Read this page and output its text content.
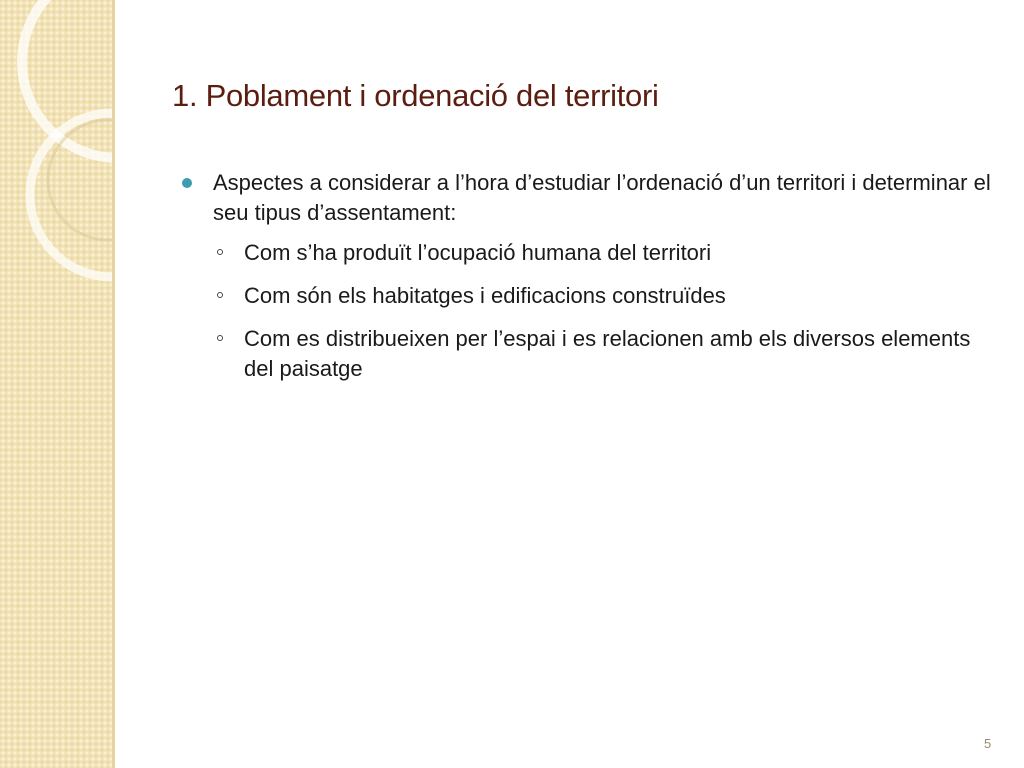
1. Poblament i ordenació del territori
Aspectes a considerar a l’hora d’estudiar l’ordenació d’un territori i determinar el seu tipus d’assentament:
Com s’ha produït l’ocupació humana del territori
Com són els habitatges i edificacions construïdes
Com es distribueixen per l’espai i es relacionen amb els diversos elements del paisatge
5
